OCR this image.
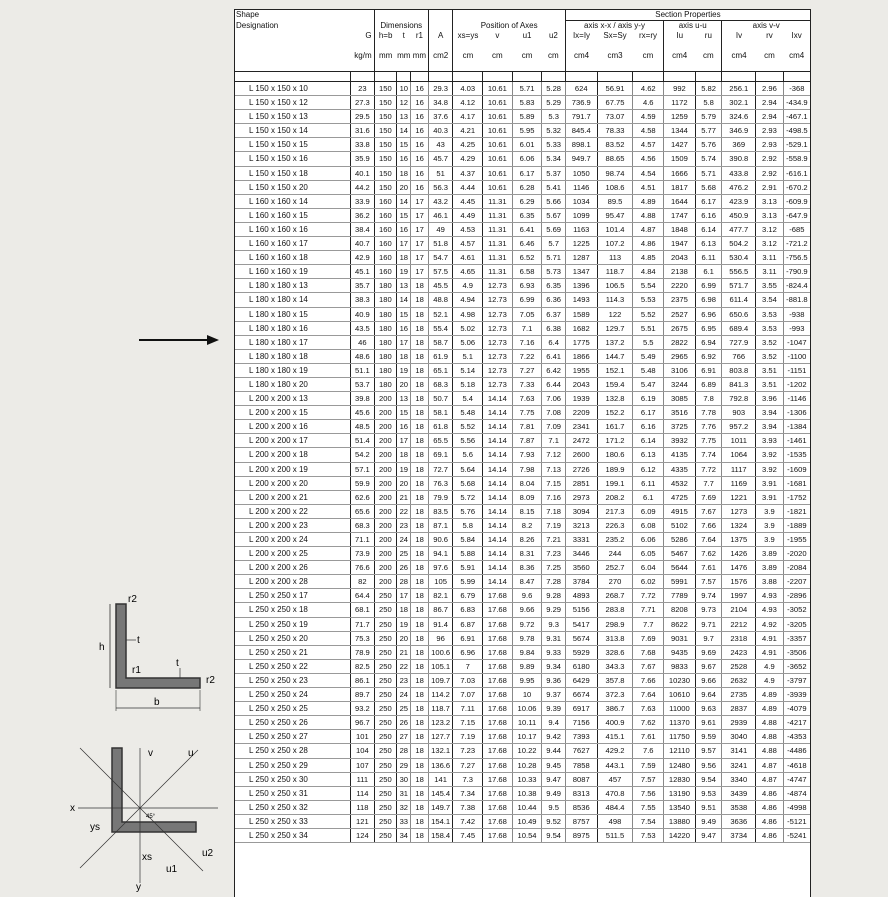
Shape										Section Properties							
Designation		Dimensions				Position of Axes				axis x-x / axis y-y			axis u-u		axis v-v		
	G	h=b	t	r1	A	xs=ys	v	u1	u2	Ix=Iy	Sx=Sy	rx=ry	Iu	ru	Iv	rv	Ixv
	kg/m	mm	mm	mm	cm2	cm	cm	cm	cm	cm4	cm3	cm	cm4	cm	cm4	cm	cm4

L 150 x 150 x 10	23	150	10	16	29.3	4.03	10.61	5.71	5.28	624	56.91	4.62	992	5.82	256.1	2.96	-368
L 150 x 150 x 12	27.3	150	12	16	34.8	4.12	10.61	5.83	5.29	736.9	67.75	4.6	1172	5.8	302.1	2.94	-434.9
L 150 x 150 x 13	29.5	150	13	16	37.6	4.17	10.61	5.89	5.3	791.7	73.07	4.59	1259	5.79	324.6	2.94	-467.1
L 150 x 150 x 14	31.6	150	14	16	40.3	4.21	10.61	5.95	5.32	845.4	78.33	4.58	1344	5.77	346.9	2.93	-498.5
L 150 x 150 x 15	33.8	150	15	16	43	4.25	10.61	6.01	5.33	898.1	83.52	4.57	1427	5.76	369	2.93	-529.1
L 150 x 150 x 16	35.9	150	16	16	45.7	4.29	10.61	6.06	5.34	949.7	88.65	4.56	1509	5.74	390.8	2.92	-558.9
L 150 x 150 x 18	40.1	150	18	16	51	4.37	10.61	6.17	5.37	1050	98.74	4.54	1666	5.71	433.8	2.92	-616.1
L 150 x 150 x 20	44.2	150	20	16	56.3	4.44	10.61	6.28	5.41	1146	108.6	4.51	1817	5.68	476.2	2.91	-670.2
L 160 x 160 x 14	33.9	160	14	17	43.2	4.45	11.31	6.29	5.66	1034	89.5	4.89	1644	6.17	423.9	3.13	-609.9
L 160 x 160 x 15	36.2	160	15	17	46.1	4.49	11.31	6.35	5.67	1099	95.47	4.88	1747	6.16	450.9	3.13	-647.9
L 160 x 160 x 16	38.4	160	16	17	49	4.53	11.31	6.41	5.69	1163	101.4	4.87	1848	6.14	477.7	3.12	-685
L 160 x 160 x 17	40.7	160	17	17	51.8	4.57	11.31	6.46	5.7	1225	107.2	4.86	1947	6.13	504.2	3.12	-721.2
L 160 x 160 x 18	42.9	160	18	17	54.7	4.61	11.31	6.52	5.71	1287	113	4.85	2043	6.11	530.4	3.11	-756.5
L 160 x 160 x 19	45.1	160	19	17	57.5	4.65	11.31	6.58	5.73	1347	118.7	4.84	2138	6.1	556.5	3.11	-790.9
L 180 x 180 x 13	35.7	180	13	18	45.5	4.9	12.73	6.93	6.35	1396	106.5	5.54	2220	6.99	571.7	3.55	-824.4
L 180 x 180 x 14	38.3	180	14	18	48.8	4.94	12.73	6.99	6.36	1493	114.3	5.53	2375	6.98	611.4	3.54	-881.8
L 180 x 180 x 15	40.9	180	15	18	52.1	4.98	12.73	7.05	6.37	1589	122	5.52	2527	6.96	650.6	3.53	-938
L 180 x 180 x 16	43.5	180	16	18	55.4	5.02	12.73	7.1	6.38	1682	129.7	5.51	2675	6.95	689.4	3.53	-993
L 180 x 180 x 17	46	180	17	18	58.7	5.06	12.73	7.16	6.4	1775	137.2	5.5	2822	6.94	727.9	3.52	-1047
L 180 x 180 x 18	48.6	180	18	18	61.9	5.1	12.73	7.22	6.41	1866	144.7	5.49	2965	6.92	766	3.52	-1100
L 180 x 180 x 19	51.1	180	19	18	65.1	5.14	12.73	7.27	6.42	1955	152.1	5.48	3106	6.91	803.8	3.51	-1151
L 180 x 180 x 20	53.7	180	20	18	68.3	5.18	12.73	7.33	6.44	2043	159.4	5.47	3244	6.89	841.3	3.51	-1202
L 200 x 200 x 13	39.8	200	13	18	50.7	5.4	14.14	7.63	7.06	1939	132.8	6.19	3085	7.8	792.8	3.96	-1146
L 200 x 200 x 15	45.6	200	15	18	58.1	5.48	14.14	7.75	7.08	2209	152.2	6.17	3516	7.78	903	3.94	-1306
L 200 x 200 x 16	48.5	200	16	18	61.8	5.52	14.14	7.81	7.09	2341	161.7	6.16	3725	7.76	957.2	3.94	-1384
L 200 x 200 x 17	51.4	200	17	18	65.5	5.56	14.14	7.87	7.1	2472	171.2	6.14	3932	7.75	1011	3.93	-1461
L 200 x 200 x 18	54.2	200	18	18	69.1	5.6	14.14	7.93	7.12	2600	180.6	6.13	4135	7.74	1064	3.92	-1535
L 200 x 200 x 19	57.1	200	19	18	72.7	5.64	14.14	7.98	7.13	2726	189.9	6.12	4335	7.72	1117	3.92	-1609
L 200 x 200 x 20	59.9	200	20	18	76.3	5.68	14.14	8.04	7.15	2851	199.1	6.11	4532	7.7	1169	3.91	-1681
L 200 x 200 x 21	62.6	200	21	18	79.9	5.72	14.14	8.09	7.16	2973	208.2	6.1	4725	7.69	1221	3.91	-1752
L 200 x 200 x 22	65.6	200	22	18	83.5	5.76	14.14	8.15	7.18	3094	217.3	6.09	4915	7.67	1273	3.9	-1821
L 200 x 200 x 23	68.3	200	23	18	87.1	5.8	14.14	8.2	7.19	3213	226.3	6.08	5102	7.66	1324	3.9	-1889
L 200 x 200 x 24	71.1	200	24	18	90.6	5.84	14.14	8.26	7.21	3331	235.2	6.06	5286	7.64	1375	3.9	-1955
L 200 x 200 x 25	73.9	200	25	18	94.1	5.88	14.14	8.31	7.23	3446	244	6.05	5467	7.62	1426	3.89	-2020
L 200 x 200 x 26	76.6	200	26	18	97.6	5.91	14.14	8.36	7.25	3560	252.7	6.04	5644	7.61	1476	3.89	-2084
L 200 x 200 x 28	82	200	28	18	105	5.99	14.14	8.47	7.28	3784	270	6.02	5991	7.57	1576	3.88	-2207
L 250 x 250 x 17	64.4	250	17	18	82.1	6.79	17.68	9.6	9.28	4893	268.7	7.72	7789	9.74	1997	4.93	-2896
L 250 x 250 x 18	68.1	250	18	18	86.7	6.83	17.68	9.66	9.29	5156	283.8	7.71	8208	9.73	2104	4.93	-3052
L 250 x 250 x 19	71.7	250	19	18	91.4	6.87	17.68	9.72	9.3	5417	298.9	7.7	8622	9.71	2212	4.92	-3205
L 250 x 250 x 20	75.3	250	20	18	96	6.91	17.68	9.78	9.31	5674	313.8	7.69	9031	9.7	2318	4.91	-3357
L 250 x 250 x 21	78.9	250	21	18	100.6	6.96	17.68	9.84	9.33	5929	328.6	7.68	9435	9.69	2423	4.91	-3506
L 250 x 250 x 22	82.5	250	22	18	105.1	7	17.68	9.89	9.34	6180	343.3	7.67	9833	9.67	2528	4.9	-3652
L 250 x 250 x 23	86.1	250	23	18	109.7	7.03	17.68	9.95	9.36	6429	357.8	7.66	10230	9.66	2632	4.9	-3797
L 250 x 250 x 24	89.7	250	24	18	114.2	7.07	17.68	10	9.37	6674	372.3	7.64	10610	9.64	2735	4.89	-3939
L 250 x 250 x 25	93.2	250	25	18	118.7	7.11	17.68	10.06	9.39	6917	386.7	7.63	11000	9.63	2837	4.89	-4079
L 250 x 250 x 26	96.7	250	26	18	123.2	7.15	17.68	10.11	9.4	7156	400.9	7.62	11370	9.61	2939	4.88	-4217
L 250 x 250 x 27	101	250	27	18	127.7	7.19	17.68	10.17	9.42	7393	415.1	7.61	11750	9.59	3040	4.88	-4353
L 250 x 250 x 28	104	250	28	18	132.1	7.23	17.68	10.22	9.44	7627	429.2	7.6	12110	9.57	3141	4.88	-4486
L 250 x 250 x 29	107	250	29	18	136.6	7.27	17.68	10.28	9.45	7858	443.1	7.59	12480	9.56	3241	4.87	-4618
L 250 x 250 x 30	111	250	30	18	141	7.3	17.68	10.33	9.47	8087	457	7.57	12830	9.54	3340	4.87	-4747
L 250 x 250 x 31	114	250	31	18	145.4	7.34	17.68	10.38	9.49	8313	470.8	7.56	13190	9.53	3439	4.86	-4874
L 250 x 250 x 32	118	250	32	18	149.7	7.38	17.68	10.44	9.5	8536	484.4	7.55	13540	9.51	3538	4.86	-4998
L 250 x 250 x 33	121	250	33	18	154.1	7.42	17.68	10.49	9.52	8757	498	7.54	13880	9.49	3636	4.86	-5121
L 250 x 250 x 34	124	250	34	18	158.4	7.45	17.68	10.54	9.54	8975	511.5	7.53	14220	9.47	3734	4.86	-5241
r2
h
t
r1
t
r2
b
x
ys
xs
y
v	u
u1
u2
45°
